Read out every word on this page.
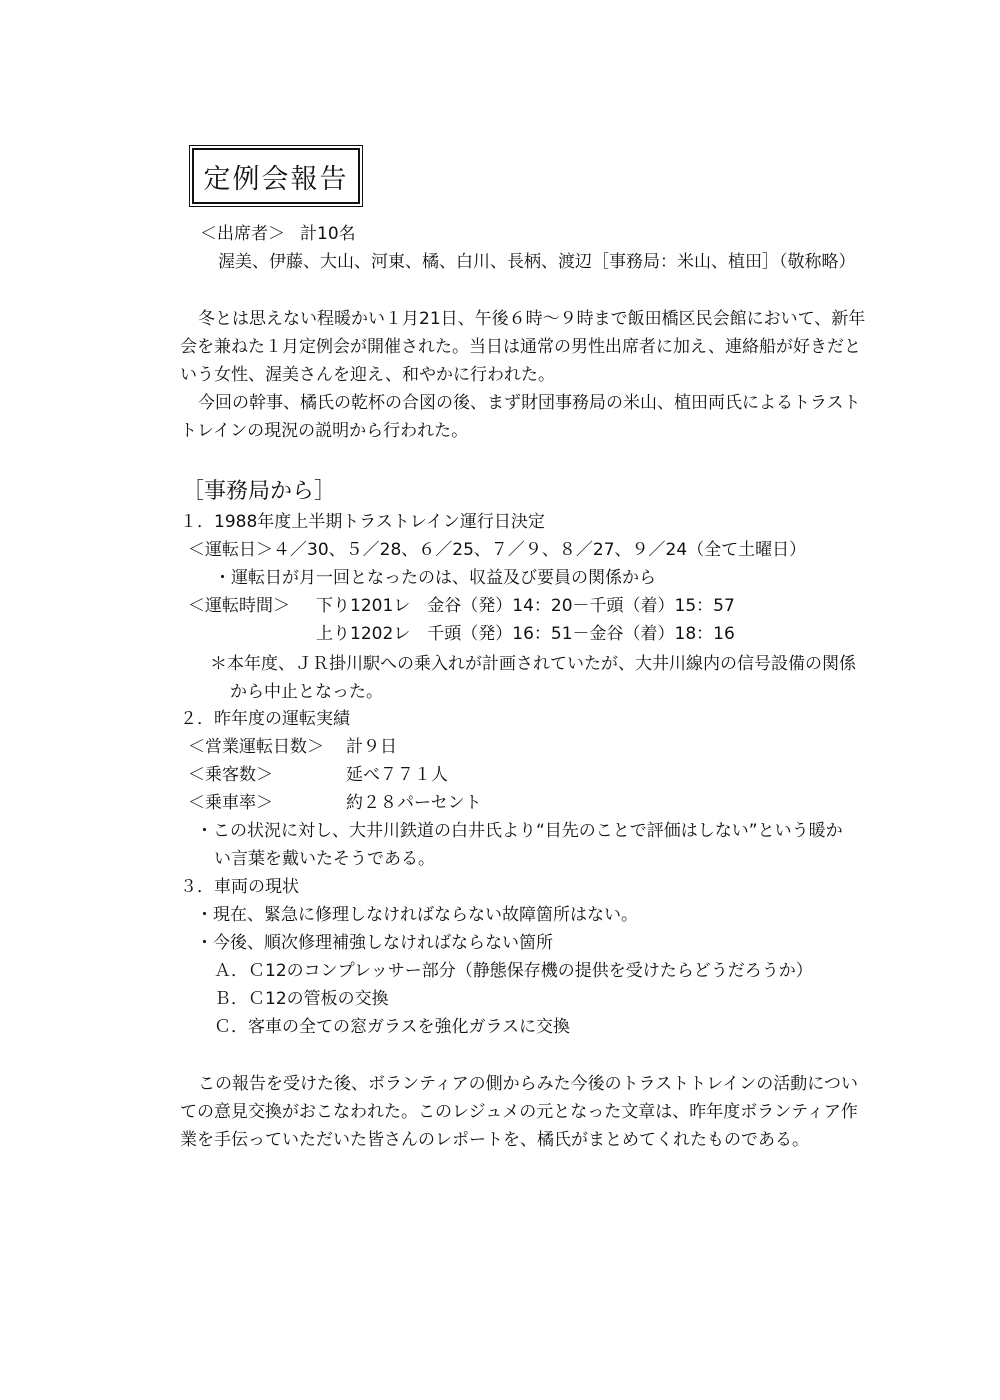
定例会報告
＜出席者＞ 計10名
渥美、伊藤、大山、河東、橘、白川、長柄、渡辺［事務局：米山、植田］（敬称略）
冬とは思えない程暖かい１月21日、午後６時～９時まで飯田橋区民会館において、新年
会を兼ねた１月定例会が開催された。当日は通常の男性出席者に加え、連絡船が好きだと
いう女性、渥美さんを迎え、和やかに行われた。
今回の幹事、橘氏の乾杯の合図の後、まず財団事務局の米山、植田両氏によるトラスト
トレインの現況の説明から行われた。
［事務局から］
１．1988年度上半期トラストレイン運行日決定
＜運転日＞４／30、５／28、６／25、７／９、８／27、９／24（全て土曜日）
・運転日が月一回となったのは、収益及び要員の関係から
＜運転時間＞ 下り1201レ　金谷（発）14：20－千頭（着）15：57
上り1202レ　千頭（発）16：51－金谷（着）18：16
＊本年度、ＪＲ掛川駅への乗入れが計画されていたが、大井川線内の信号設備の関係
から中止となった。
２．昨年度の運転実績
＜営業運転日数＞ 計９日
＜乗客数＞	延べ７７１人
＜乗車率＞	約２８パーセント
・この状況に対し、大井川鉄道の白井氏より“目先のことで評価はしない”という暖か
い言葉を戴いたそうである。
３．車両の現状
・現在、緊急に修理しなければならない故障箇所はない。
・今後、順次修理補強しなければならない箇所
Ａ．Ｃ12のコンプレッサー部分（静態保存機の提供を受けたらどうだろうか）
Ｂ．Ｃ12の管板の交換
Ｃ．客車の全ての窓ガラスを強化ガラスに交換
この報告を受けた後、ボランティアの側からみた今後のトラストトレインの活動につい
ての意見交換がおこなわれた。このレジュメの元となった文章は、昨年度ボランティア作
業を手伝っていただいた皆さんのレポートを、橘氏がまとめてくれたものである。
